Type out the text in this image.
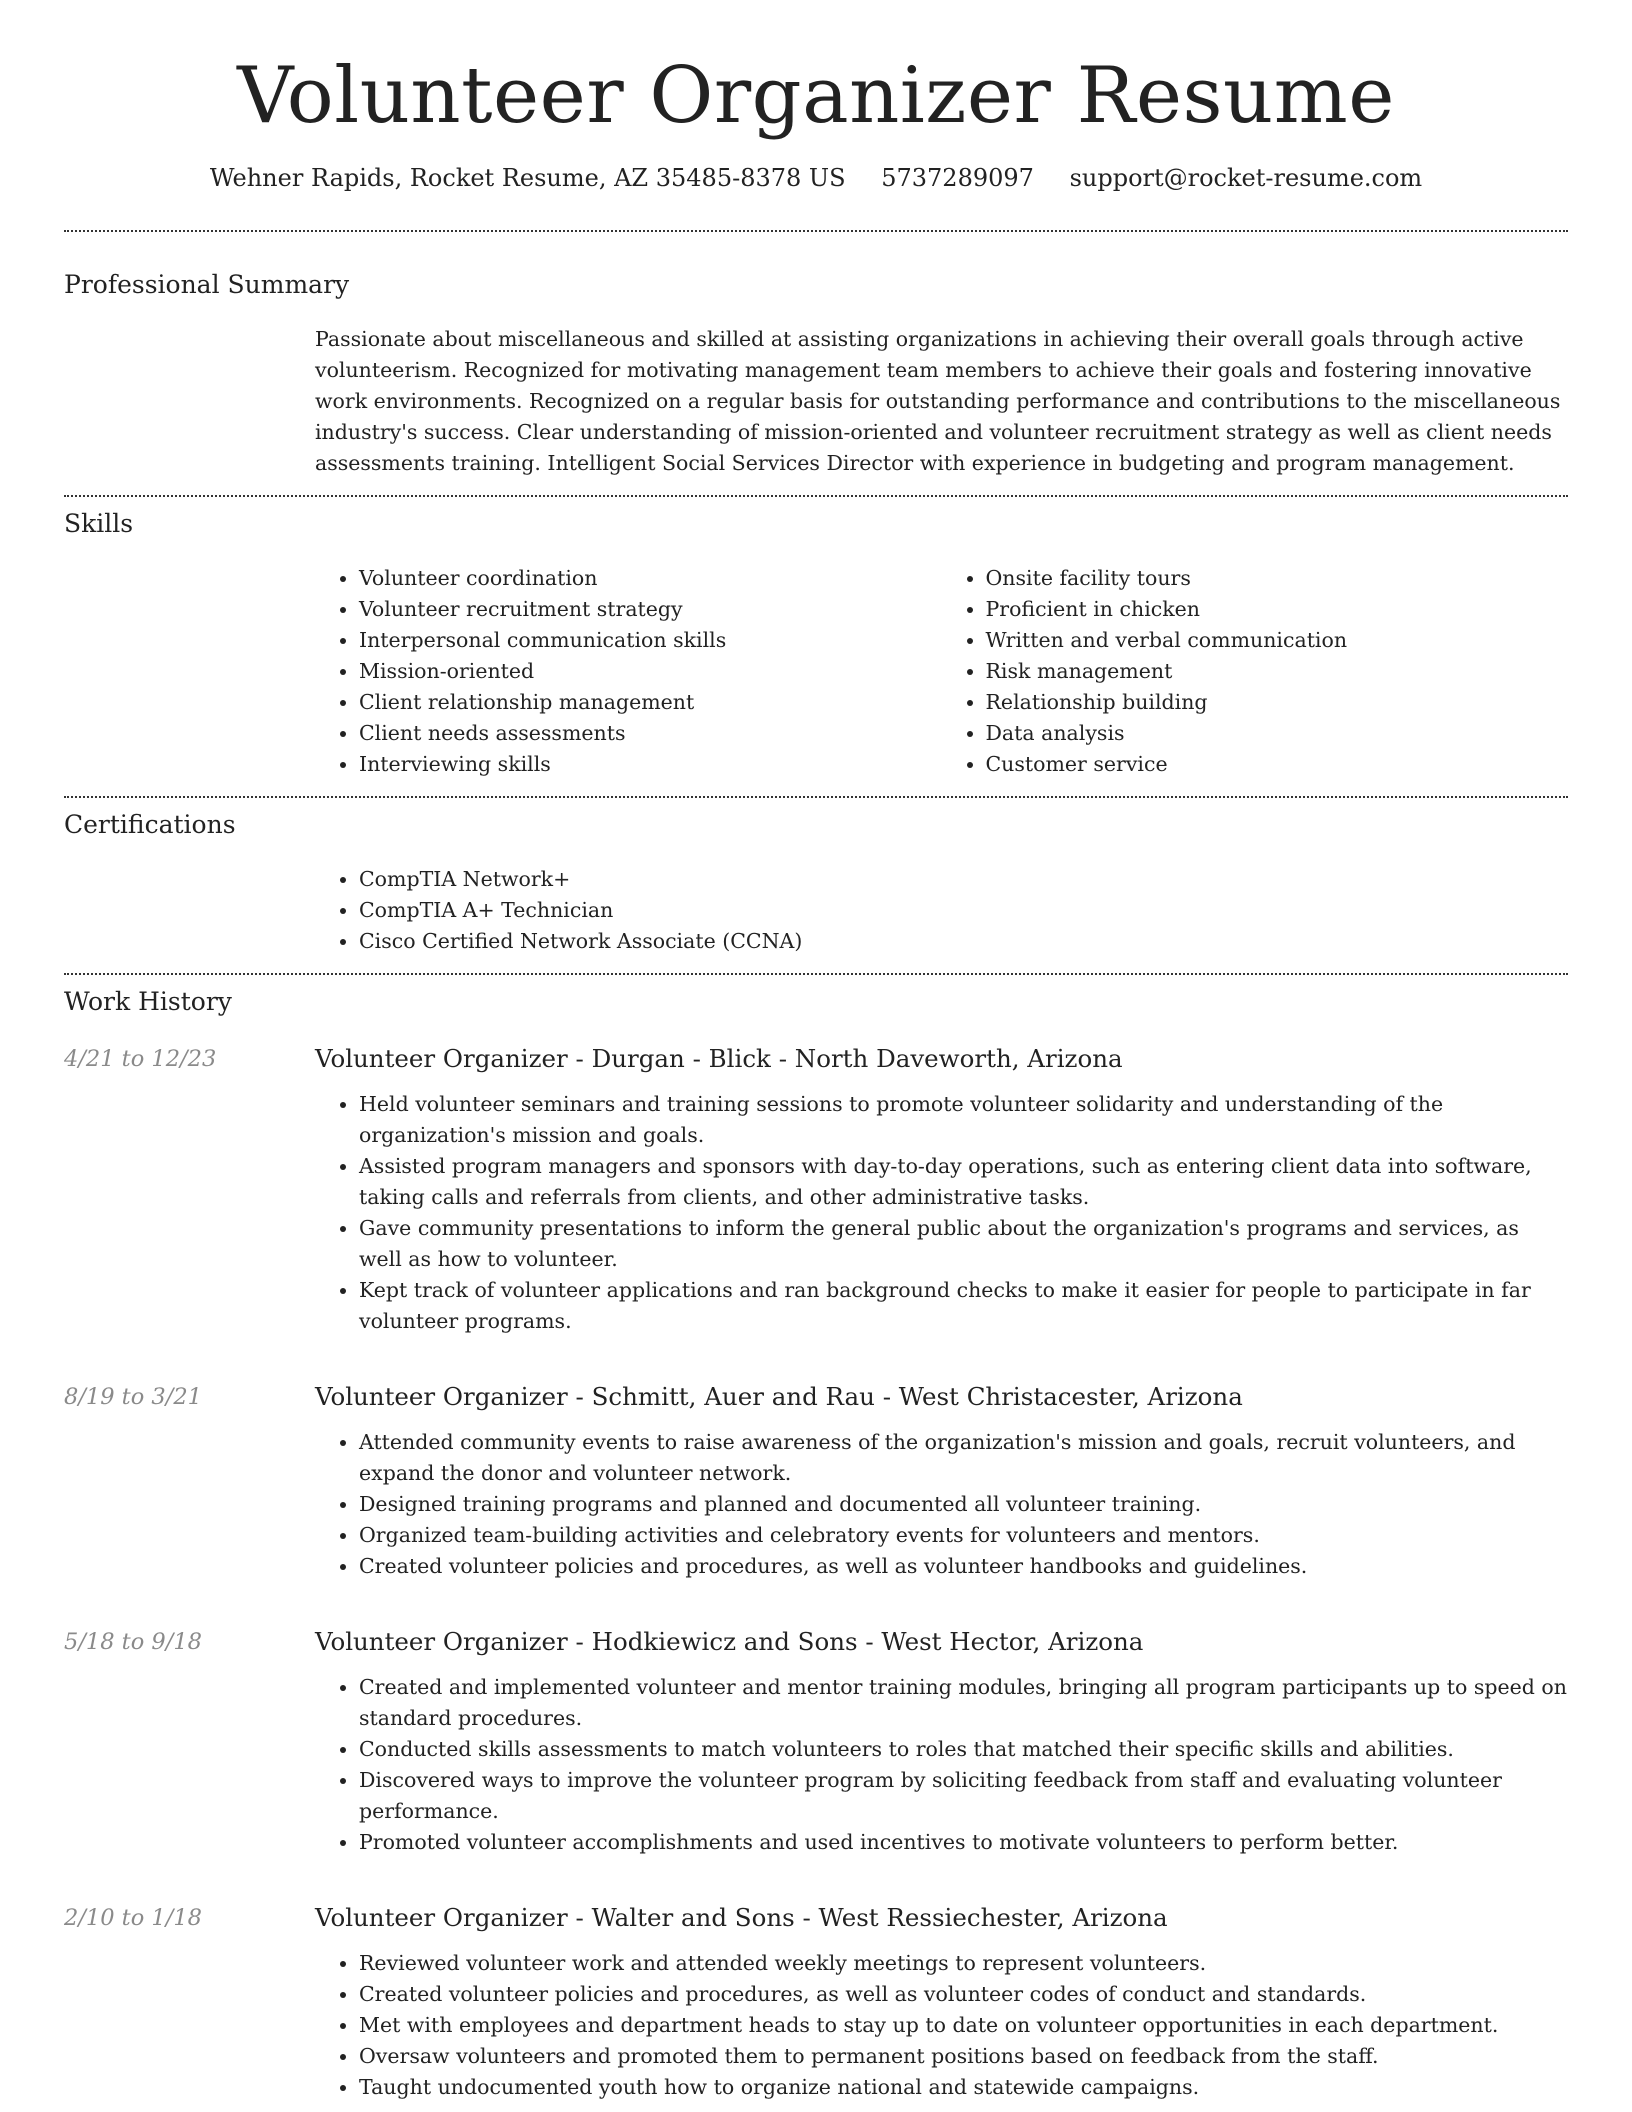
Volunteer Organizer Resume
Wehner Rapids, Rocket Resume, AZ 35485-8378 US 5737289097 support@rocket-resume.com
Professional Summary

Passionate about miscellaneous and skilled at assisting organizations in achieving their overall goals through active volunteerism. Recognized for motivating management team members to achieve their goals and fostering innovative work environments. Recognized on a regular basis for outstanding performance and contributions to the miscellaneous industry's success. Clear understanding of mission-oriented and volunteer recruitment strategy as well as client needs assessments training. Intelligent Social Services Director with experience in budgeting and program management.

Skills
• Volunteer coordination
• Volunteer recruitment strategy
• Interpersonal communication skills
• Mission-oriented
• Client relationship management
• Client needs assessments
• Interviewing skills
• Onsite facility tours
• Proficient in chicken
• Written and verbal communication
• Risk management
• Relationship building
• Data analysis
• Customer service
Certifications
• CompTIA Network+
• CompTIA A+ Technician
• Cisco Certified Network Associate (CCNA)
Work History
4/21 to 12/23	Volunteer Organizer - Durgan - Blick - North Daveworth, Arizona
• Held volunteer seminars and training sessions to promote volunteer solidarity and understanding of the organization's mission and goals.
• Assisted program managers and sponsors with day-to-day operations, such as entering client data into software, taking calls and referrals from clients, and other administrative tasks.
• Gave community presentations to inform the general public about the organization's programs and services, as well as how to volunteer.
• Kept track of volunteer applications and ran background checks to make it easier for people to participate in far volunteer programs.
8/19 to 3/21	Volunteer Organizer - Schmitt, Auer and Rau - West Christacester, Arizona
• Attended community events to raise awareness of the organization's mission and goals, recruit volunteers, and expand the donor and volunteer network.
• Designed training programs and planned and documented all volunteer training.
• Organized team-building activities and celebratory events for volunteers and mentors.
• Created volunteer policies and procedures, as well as volunteer handbooks and guidelines.
5/18 to 9/18	Volunteer Organizer - Hodkiewicz and Sons - West Hector, Arizona
• Created and implemented volunteer and mentor training modules, bringing all program participants up to speed on standard procedures.
• Conducted skills assessments to match volunteers to roles that matched their specific skills and abilities.
• Discovered ways to improve the volunteer program by soliciting feedback from staff and evaluating volunteer performance.
• Promoted volunteer accomplishments and used incentives to motivate volunteers to perform better.
2/10 to 1/18	Volunteer Organizer - Walter and Sons - West Ressiechester, Arizona
• Reviewed volunteer work and attended weekly meetings to represent volunteers.
• Created volunteer policies and procedures, as well as volunteer codes of conduct and standards.
• Met with employees and department heads to stay up to date on volunteer opportunities in each department.
• Oversaw volunteers and promoted them to permanent positions based on feedback from the staff.
• Taught undocumented youth how to organize national and statewide campaigns.
